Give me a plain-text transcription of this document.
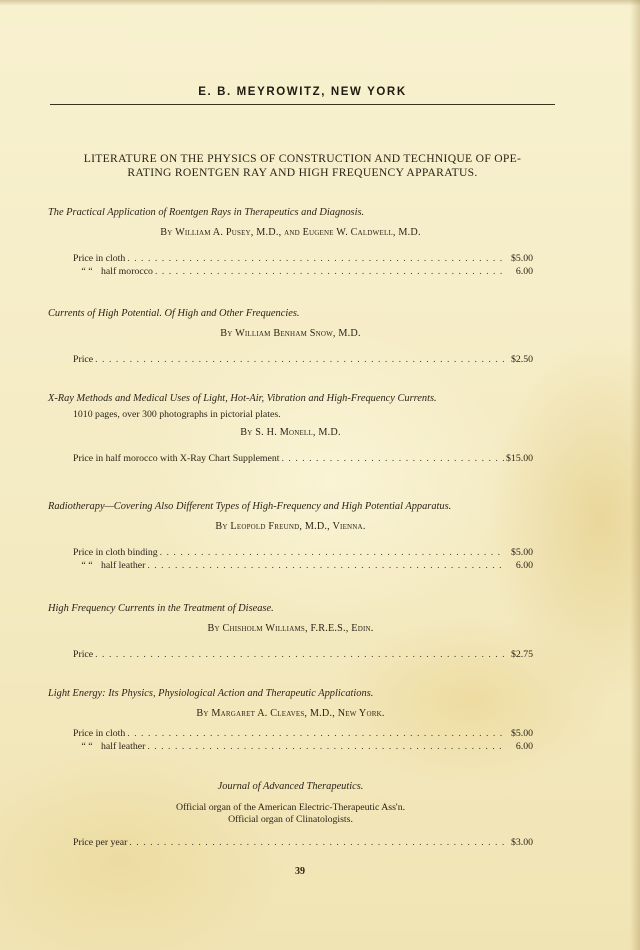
E. B. MEYROWITZ, NEW YORK
LITERATURE ON THE PHYSICS OF CONSTRUCTION AND TECHNIQUE OF OPE-
RATING ROENTGEN RAY AND HIGH FREQUENCY APPARATUS.
The Practical Application of Roentgen Rays in Therapeutics and Diagnosis.
By William A. Pusey, M.D., and Eugene W. Caldwell, M.D.
Price in cloth . . .	$5.00
“ “ half morocco . . .	6.00
Currents of High Potential. Of High and Other Frequencies.
By William Benham Snow, M.D.
Price . . .	$2.50
X-Ray Methods and Medical Uses of Light, Hot-Air, Vibration and High-Frequency Currents.
1010 pages, over 300 photographs in pictorial plates.
By S. H. Monell, M.D.
Price in half morocco with X-Ray Chart Supplement . . .	$15.00
Radiotherapy—Covering Also Different Types of High-Frequency and High Potential Apparatus.
By Leopold Freund, M.D., Vienna.
Price in cloth binding . . .	$5.00
“ “ half leather . . .	6.00
High Frequency Currents in the Treatment of Disease.
By Chisholm Williams, F.R.E.S., Edin.
Price . . .	$2.75
Light Energy: Its Physics, Physiological Action and Therapeutic Applications.
By Margaret A. Cleaves, M.D., New York.
Price in cloth . . .	$5.00
“ “ half leather . . .	6.00
Journal of Advanced Therapeutics.
Official organ of the American Electric-Therapeutic Ass'n.
Official organ of Clinatologists.
Price per year . . .	$3.00
39
